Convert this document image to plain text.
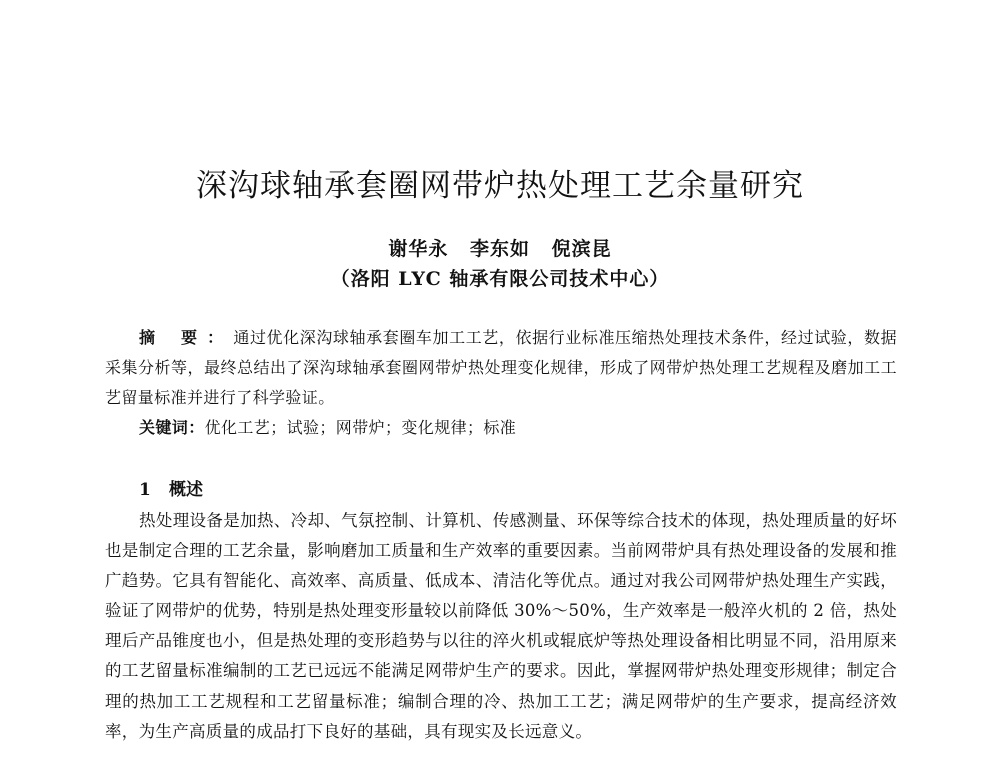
深沟球轴承套圈网带炉热处理工艺余量研究
谢华永 李东如 倪滨昆
（洛阳 LYC 轴承有限公司技术中心）

摘 要：通过优化深沟球轴承套圈车加工工艺，依据行业标准压缩热处理技术条件，经过试验，数据采集分析等，最终总结出了深沟球轴承套圈网带炉热处理变化规律，形成了网带炉热处理工艺规程及磨加工工艺留量标准并进行了科学验证。

关键词：优化工艺；试验；网带炉；变化规律；标准
1 概述

热处理设备是加热、冷却、气氛控制、计算机、传感测量、环保等综合技术的体现，热处理质量的好坏也是制定合理的工艺余量，影响磨加工质量和生产效率的重要因素。当前网带炉具有热处理设备的发展和推广趋势。它具有智能化、高效率、高质量、低成本、清洁化等优点。通过对我公司网带炉热处理生产实践，验证了网带炉的优势，特别是热处理变形量较以前降低 30%～50%，生产效率是一般淬火机的 2 倍，热处理后产品锥度也小，但是热处理的变形趋势与以往的淬火机或辊底炉等热处理设备相比明显不同，沿用原来的工艺留量标准编制的工艺已远远不能满足网带炉生产的要求。因此，掌握网带炉热处理变形规律；制定合理的热加工工艺规程和工艺留量标准；编制合理的冷、热加工工艺；满足网带炉的生产要求，提高经济效率，为生产高质量的成品打下良好的基础，具有现实及长远意义。
